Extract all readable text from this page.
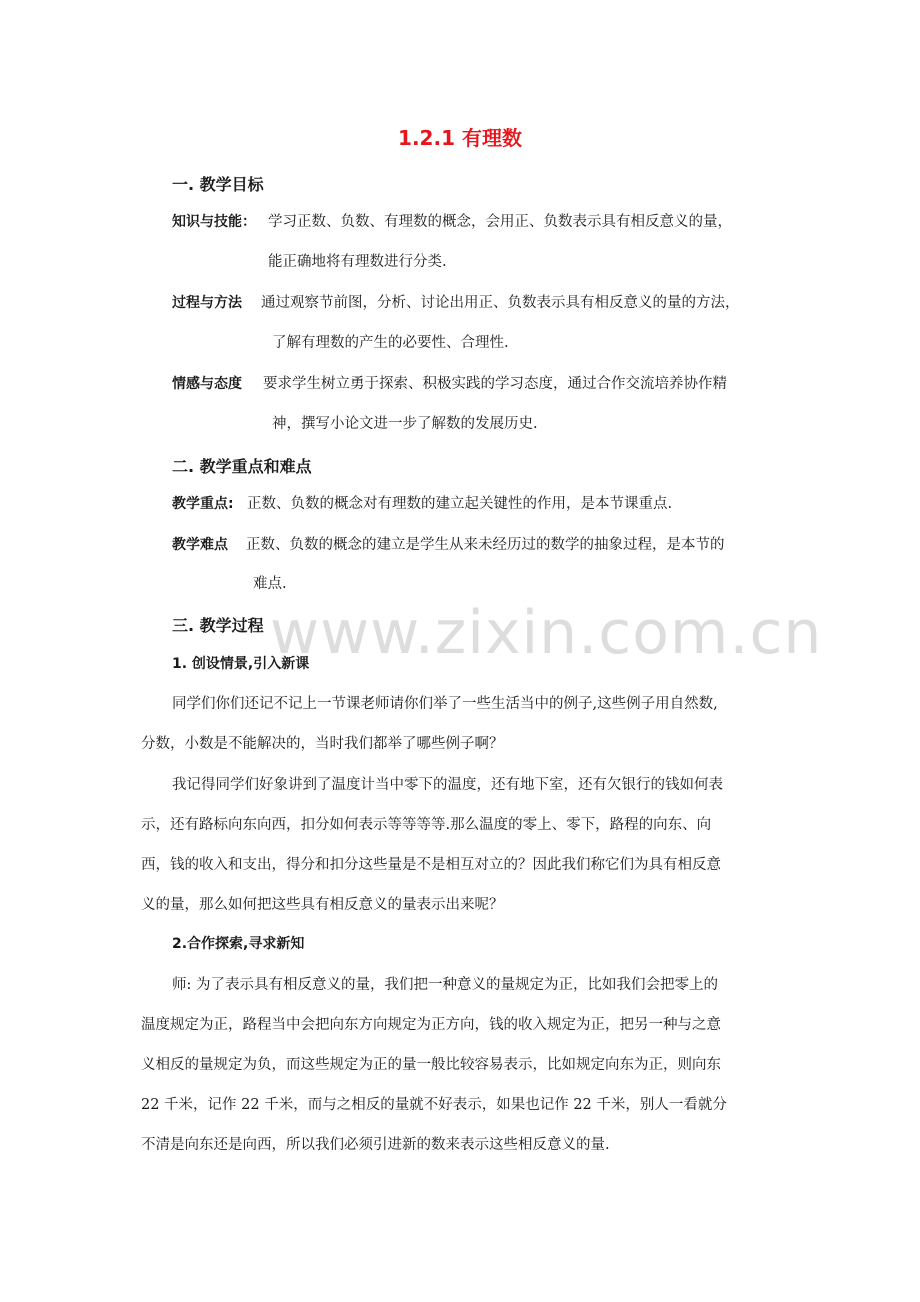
www.zixin.com.cn
1.2.1 有理数
一. 教学目标
知识与技能： 学习正数、负数、有理数的概念，会用正、负数表示具有相反意义的量，
能正确地将有理数进行分类.
过程与方法 通过观察节前图，分析、讨论出用正、负数表示具有相反意义的量的方法，
了解有理数的产生的必要性、合理性.
情感与态度 要求学生树立勇于探索、积极实践的学习态度，通过合作交流培养协作精
神，撰写小论文进一步了解数的发展历史.
二. 教学重点和难点
教学重点: 正数、负数的概念对有理数的建立起关键性的作用，是本节课重点.
教学难点 正数、负数的概念的建立是学生从来未经历过的数学的抽象过程，是本节的
难点.
三. 教学过程
1. 创设情景,引入新课
同学们你们还记不记上一节课老师请你们举了一些生活当中的例子,这些例子用自然数,
分数，小数是不能解决的，当时我们都举了哪些例子啊？
我记得同学们好象讲到了温度计当中零下的温度，还有地下室，还有欠银行的钱如何表
示，还有路标向东向西，扣分如何表示等等等等.那么温度的零上、零下，路程的向东、向
西，钱的收入和支出，得分和扣分这些量是不是相互对立的？因此我们称它们为具有相反意
义的量，那么如何把这些具有相反意义的量表示出来呢？
2.合作探索,寻求新知
师: 为了表示具有相反意义的量，我们把一种意义的量规定为正，比如我们会把零上的
温度规定为正，路程当中会把向东方向规定为正方向，钱的收入规定为正，把另一种与之意
义相反的量规定为负，而这些规定为正的量一般比较容易表示，比如规定向东为正，则向东
22 千米，记作 22 千米，而与之相反的量就不好表示，如果也记作 22 千米，别人一看就分
不清是向东还是向西，所以我们必须引进新的数来表示这些相反意义的量.
